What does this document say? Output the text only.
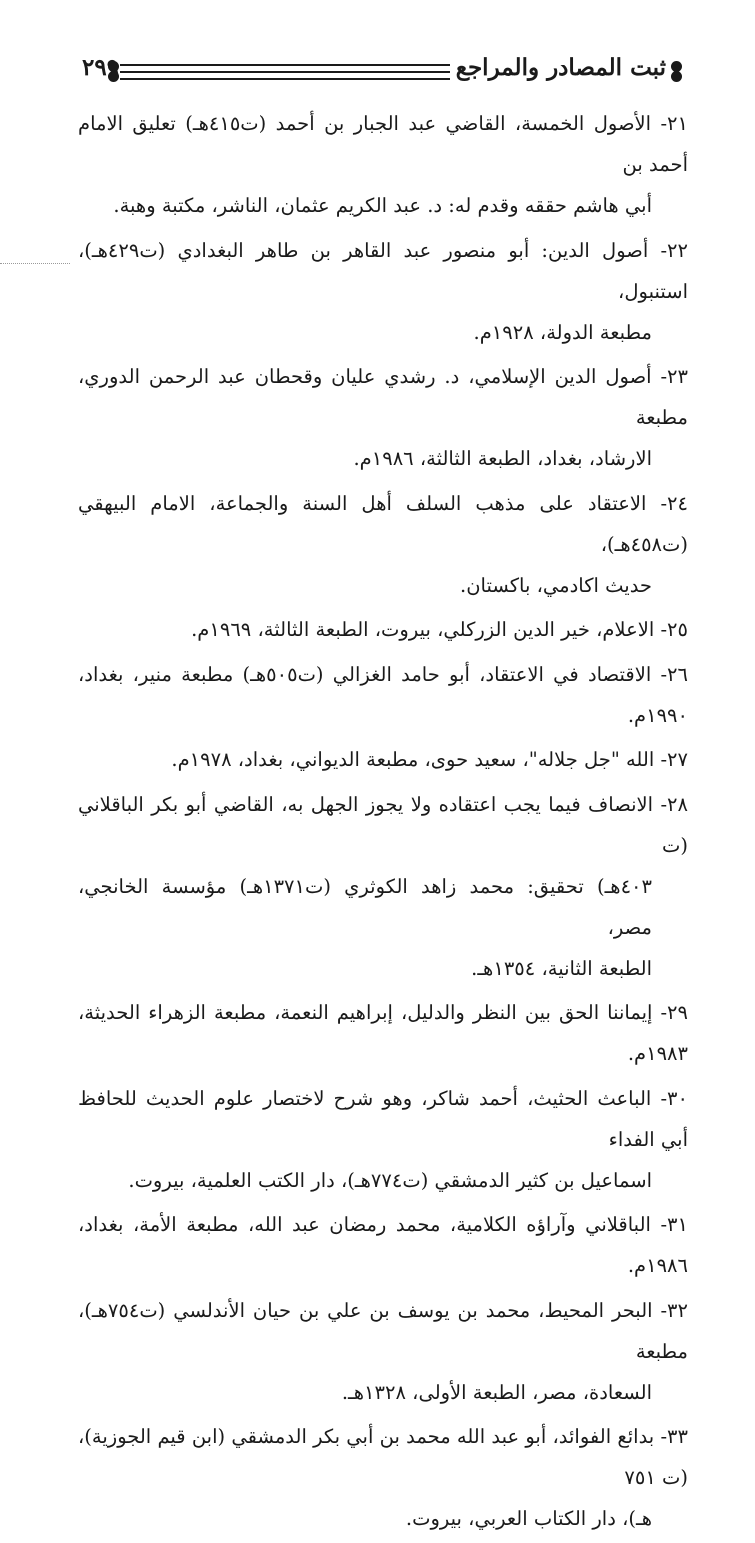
٢٩٩	ثبت المصادر والمراجع
٢١- الأصول الخمسة، القاضي عبد الجبار بن أحمد (ت٤١٥هـ) تعليق الامام أحمد بن
أبي هاشم حققه وقدم له: د. عبد الكريم عثمان، الناشر، مكتبة وهبة.
٢٢- أصول الدين: أبو منصور عبد القاهر بن طاهر البغدادي (ت٤٢٩هـ)، استنبول،
مطبعة الدولة، ١٩٢٨م.
٢٣- أصول الدين الإسلامي، د. رشدي عليان وقحطان عبد الرحمن الدوري، مطبعة
الارشاد، بغداد، الطبعة الثالثة، ١٩٨٦م.
٢٤- الاعتقاد على مذهب السلف أهل السنة والجماعة، الامام البيهقي (ت٤٥٨هـ)،
حديث اكادمي، باكستان.
٢٥- الاعلام، خير الدين الزركلي، بيروت، الطبعة الثالثة، ١٩٦٩م.
٢٦- الاقتصاد في الاعتقاد، أبو حامد الغزالي (ت٥٠٥هـ) مطبعة منير، بغداد، ١٩٩٠م.
٢٧- الله "جل جلاله"، سعيد حوى، مطبعة الديواني، بغداد، ١٩٧٨م.
٢٨- الانصاف فيما يجب اعتقاده ولا يجوز الجهل به، القاضي أبو بكر الباقلاني (ت
٤٠٣هـ) تحقيق: محمد زاهد الكوثري (ت١٣٧١هـ) مؤسسة الخانجي، مصر،
الطبعة الثانية، ١٣٥٤هـ.
٢٩- إيماننا الحق بين النظر والدليل، إبراهيم النعمة، مطبعة الزهراء الحديثة، ١٩٨٣م.
٣٠- الباعث الحثيث، أحمد شاكر، وهو شرح لاختصار علوم الحديث للحافظ أبي الفداء
اسماعيل بن كثير الدمشقي (ت٧٧٤هـ)، دار الكتب العلمية، بيروت.
٣١- الباقلاني وآراؤه الكلامية، محمد رمضان عبد الله، مطبعة الأمة، بغداد، ١٩٨٦م.
٣٢- البحر المحيط، محمد بن يوسف بن علي بن حيان الأندلسي (ت٧٥٤هـ)، مطبعة
السعادة، مصر، الطبعة الأولى، ١٣٢٨هـ.
٣٣- بدائع الفوائد، أبو عبد الله محمد بن أبي بكر الدمشقي (ابن قيم الجوزية)، (ت ٧٥١
هـ)، دار الكتاب العربي، بيروت.
